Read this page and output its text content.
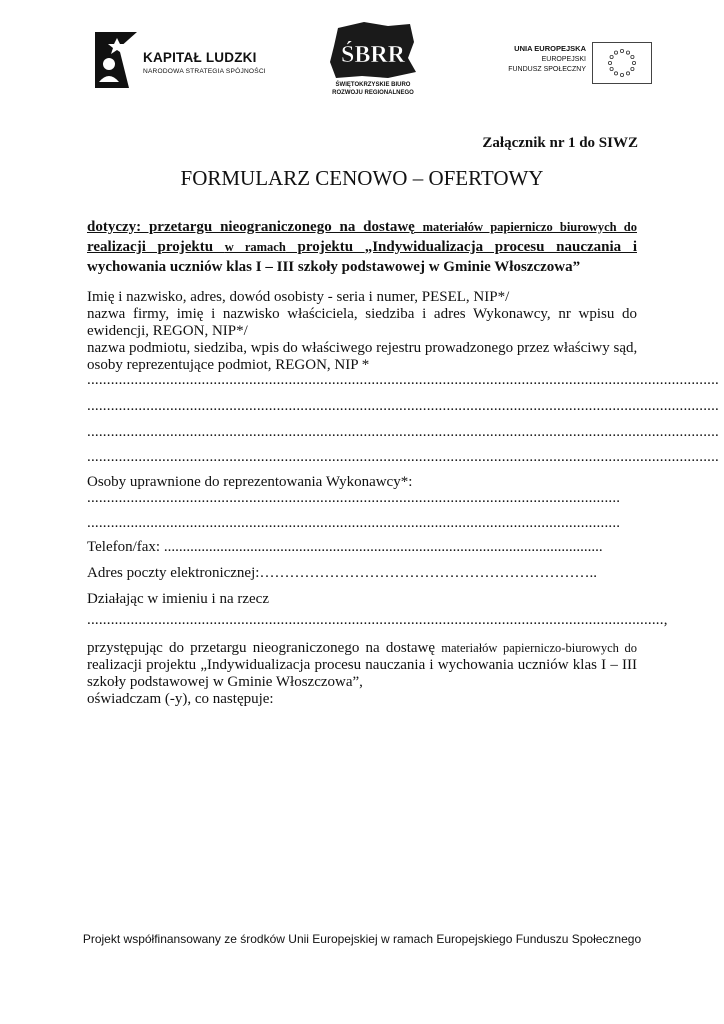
KAPITAŁ LUDZKI
NARODOWA STRATEGIA SPÓJNOŚCI
ŚBRR
ŚWIĘTOKRZYSKIE BIURO
ROZWOJU REGIONALNEGO
UNIA EUROPEJSKA
EUROPEJSKI
FUNDUSZ SPOŁECZNY
Załącznik nr 1 do SIWZ
FORMULARZ CENOWO – OFERTOWY
dotyczy: przetargu nieograniczonego na dostawę materiałów papierniczo biurowych do
realizacji projektu w ramach projektu „Indywidualizacja procesu nauczania i
wychowania uczniów klas I – III szkoły podstawowej w Gminie Włoszczowa”
Imię i nazwisko, adres, dowód osobisty - seria i numer, PESEL, NIP*/
nazwa firmy, imię i nazwisko właściciela, siedziba i adres Wykonawcy, nr wpisu do
ewidencji, REGON, NIP*/
nazwa podmiotu, siedziba, wpis do właściwego rejestru prowadzonego przez właściwy sąd,
osoby reprezentujące podmiot, REGON, NIP *
................................................................................................................................................................
................................................................................................................................................................
................................................................................................................................................................
................................................................................................................................................................
Osoby uprawnione do reprezentowania Wykonawcy*:
.......................................................................................................................................
.......................................................................................................................................
Telefon/fax: .....................................................................................................................
Adres poczty elektronicznej:…………………………………………………………..
Działając w imieniu i na rzecz
..................................................................................................................................................,
przystępując do przetargu nieograniczonego na dostawę materiałów papierniczo-biurowych do
realizacji projektu „Indywidualizacja procesu nauczania i wychowania uczniów klas I – III
szkoły podstawowej w Gminie Włoszczowa”,
oświadczam (-y), co następuje:
Projekt współfinansowany ze środków Unii Europejskiej w ramach Europejskiego Funduszu Społecznego
